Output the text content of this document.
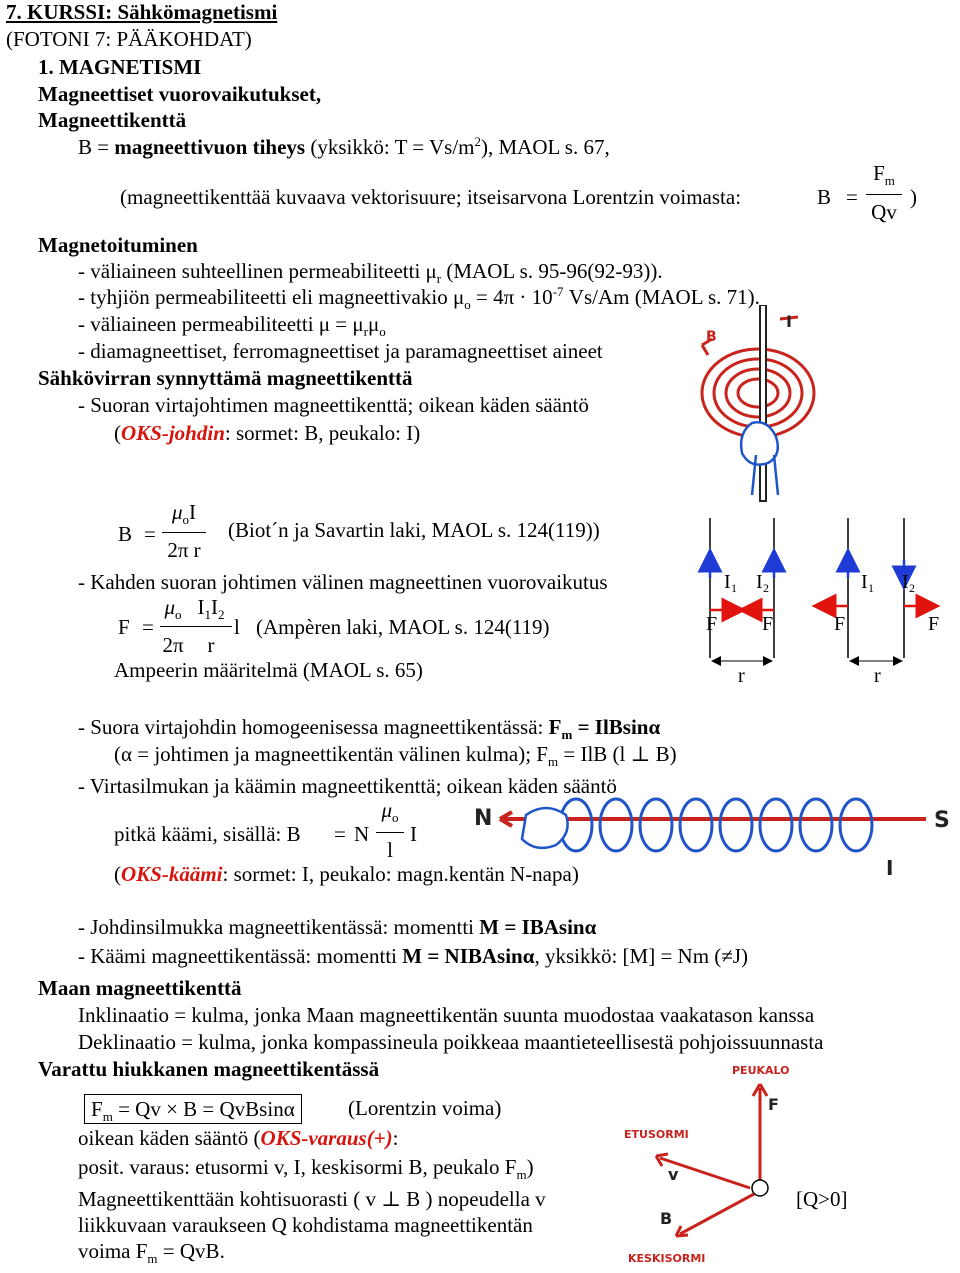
7. KURSSI: Sähkömagnetismi
(FOTONI 7: PÄÄKOHDAT)
1. MAGNETISMI
Magneettiset vuorovaikutukset,
Magneettikenttä
B = magneettivuon tiheys (yksikkö: $T = Vs/m^2$), MAOL s. 67,
(magneettikenttää kuvaava vektorisuure; itseisarvona Lorentzin voimasta:	B =
$F_m$
Qv
)
Magnetoituminen
- väliaineen suhteellinen permeabiliteetti $\mu_r$ (MAOL s. 95-96(92-93)).
- tyhjiön permeabiliteetti eli magneettivakio $\mu_o = 4\pi \cdot 10^{-7}$ Vs/Am (MAOL s. 71).
- väliaineen permeabiliteetti $\mu = \mu_r\mu_o$
- diamagneettiset, ferromagneettiset ja paramagneettiset aineet
Sähkövirran synnyttämä magneettikenttä
- Suoran virtajohtimen magneettikenttä; oikean käden sääntö
(OKS-johdin: sormet: B, peukalo: I)
B
I
B =
$\mu_oI$
2π r
(Biot´n ja Savartin laki, MAOL s. 124(119))
- Kahden suoran johtimen välinen magneettinen vuorovaikutus
F =
$\mu_o$
2π
$I_1I_2$
r
l (Ampèren laki, MAOL s. 124(119)
Ampeerin määritelmä (MAOL s. 65)
I 1 I 2	I 1 I 2
F F	F	F
r	r
- Suora virtajohdin homogeenisessa magneettikentässä: $F_m = IlBsin\alpha$
(α = johtimen ja magneettikentän välinen kulma); $F_m$ = IlB (l ⊥ B)
- Virtasilmukan ja käämin magneettikenttä; oikean käden sääntö
pitkä käämi, sisällä: B = N
$\mu_o$
l
I
(OKS-käämi: sormet: I, peukalo: magn.kentän N-napa)
N
I
S
- Johdinsilmukka magneettikentässä: momentti M = IBAsinα
- Käämi magneettikentässä: momentti M = NIBAsinα, yksikkö: [M] = Nm (≠J)
Maan magneettikenttä
Inklinaatio = kulma, jonka Maan magneettikentän suunta muodostaa vaakatason kanssa
Deklinaatio = kulma, jonka kompassineula poikkeaa maantieteellisestä pohjoissuunnasta
Varattu hiukkanen magneettikentässä
$F_m = Qv \times B = QvBsin\alpha$	(Lorentzin voima)
oikean käden sääntö (OKS-varaus(+):
posit. varaus: etusormi v, I, keskisormi B, peukalo $F_m$)
Magneettikenttään kohtisuorasti ( v ⊥ B ) nopeudella v	[Q>0]
liikkuvaan varaukseen Q kohdistama magneettikentän
voima $F_m$ = QvB.
PEUKALO
F
ETUSORMI
v
B
KESKISORMI
